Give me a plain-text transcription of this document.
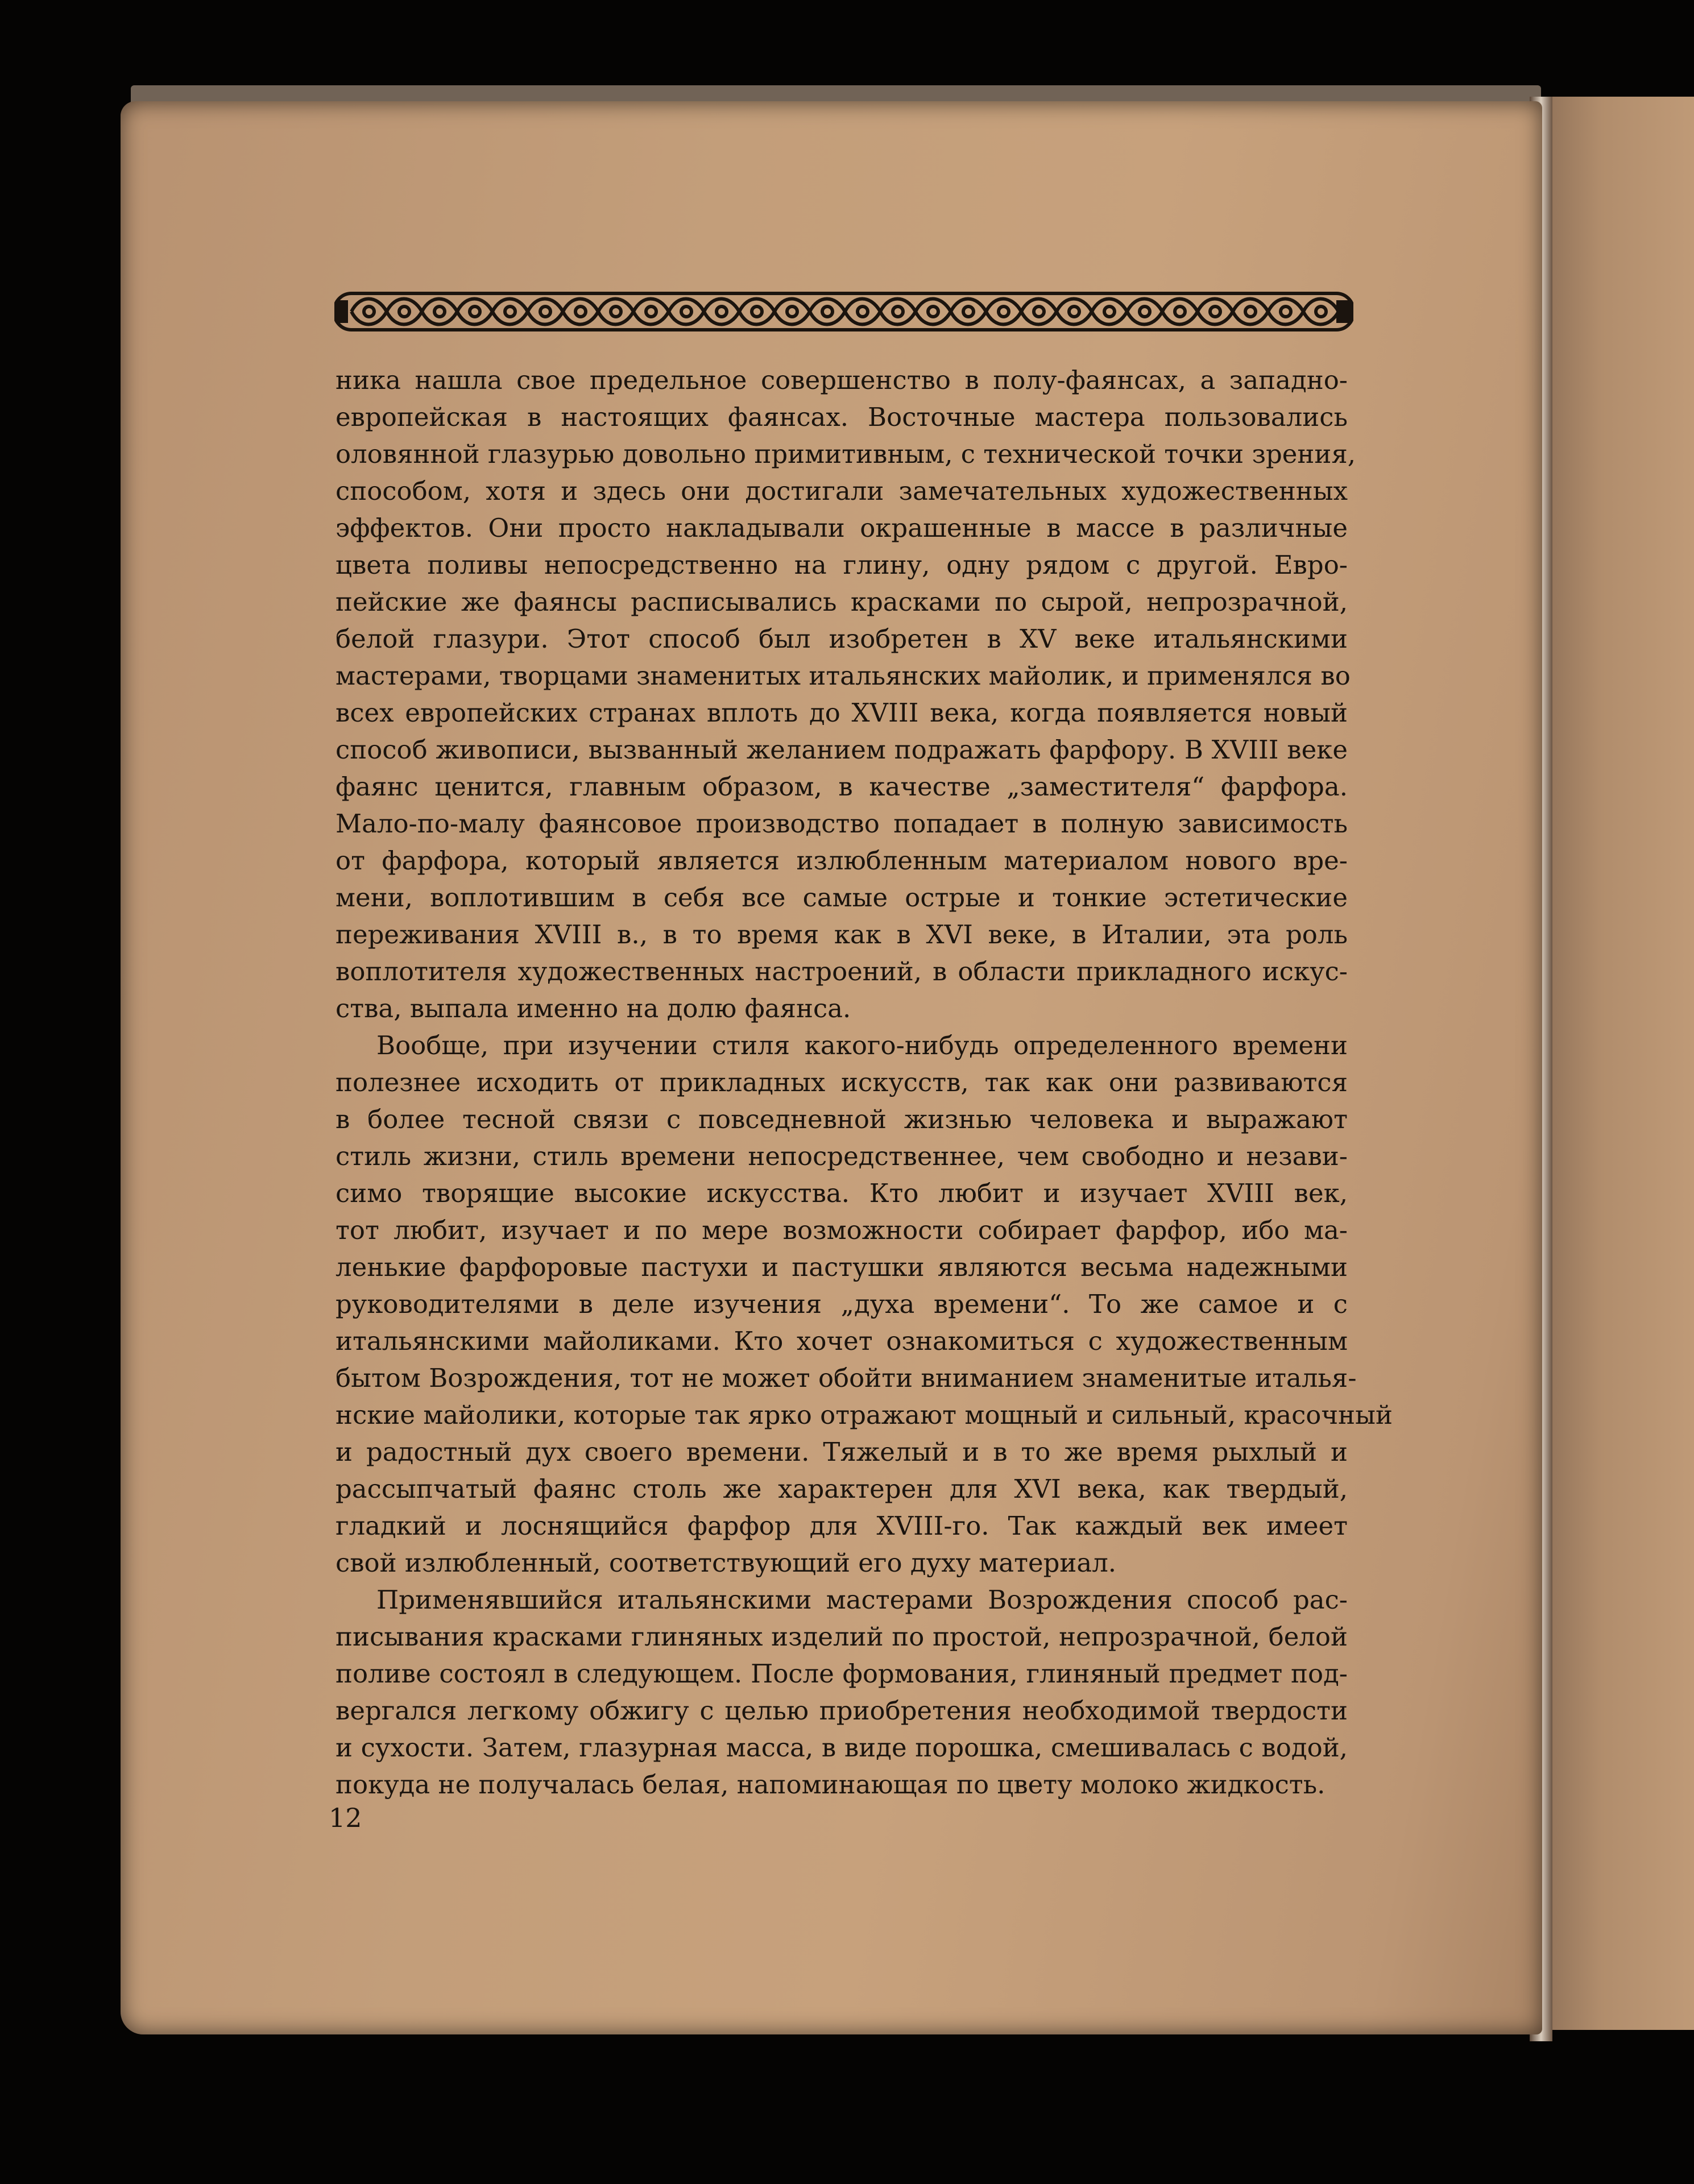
ника нашла свое предельное совершенство в полу-фаянсах, а западно-
европейская в настоящих фаянсах. Восточные мастера пользовались
оловянной глазурью довольно примитивным, с технической точки зрения,
способом, хотя и здесь они достигали замечательных художественных
эффектов. Они просто накладывали окрашенные в массе в различные
цвета поливы непосредственно на глину, одну рядом с другой. Евро-
пейские же фаянсы расписывались красками по сырой, непрозрачной,
белой глазури. Этот способ был изобретен в XV веке итальянскими
мастерами, творцами знаменитых итальянских майолик, и применялся во
всех европейских странах вплоть до XVIII века, когда появляется новый
способ живописи, вызванный желанием подражать фарфору. В XVIII веке
фаянс ценится, главным образом, в качестве „заместителя“ фарфора.
Мало-по-малу фаянсовое производство попадает в полную зависимость
от фарфора, который является излюбленным материалом нового вре-
мени, воплотившим в себя все самые острые и тонкие эстетические
переживания XVIII в., в то время как в XVI веке, в Италии, эта роль
воплотителя художественных настроений, в области прикладного искус-
ства, выпала именно на долю фаянса.
Вообще, при изучении стиля какого-нибудь определенного времени
полезнее исходить от прикладных искусств, так как они развиваются
в более тесной связи с повседневной жизнью человека и выражают
стиль жизни, стиль времени непосредственнее, чем свободно и незави-
симо творящие высокие искусства. Кто любит и изучает XVIII век,
тот любит, изучает и по мере возможности собирает фарфор, ибо ма-
ленькие фарфоровые пастухи и пастушки являются весьма надежными
руководителями в деле изучения „духа времени“. То же самое и с
итальянскими майоликами. Кто хочет ознакомиться с художественным
бытом Возрождения, тот не может обойти вниманием знаменитые италья-
нские майолики, которые так ярко отражают мощный и сильный, красочный
и радостный дух своего времени. Тяжелый и в то же время рыхлый и
рассыпчатый фаянс столь же характерен для XVI века, как твердый,
гладкий и лоснящийся фарфор для XVIII-го. Так каждый век имеет
свой излюбленный, соответствующий его духу материал.
Применявшийся итальянскими мастерами Возрождения способ рас-
писывания красками глиняных изделий по простой, непрозрачной, белой
поливе состоял в следующем. После формования, глиняный предмет под-
вергался легкому обжигу с целью приобретения необходимой твердости
и сухости. Затем, глазурная масса, в виде порошка, смешивалась с водой,
покуда не получалась белая, напоминающая по цвету молоко жидкость.
12
